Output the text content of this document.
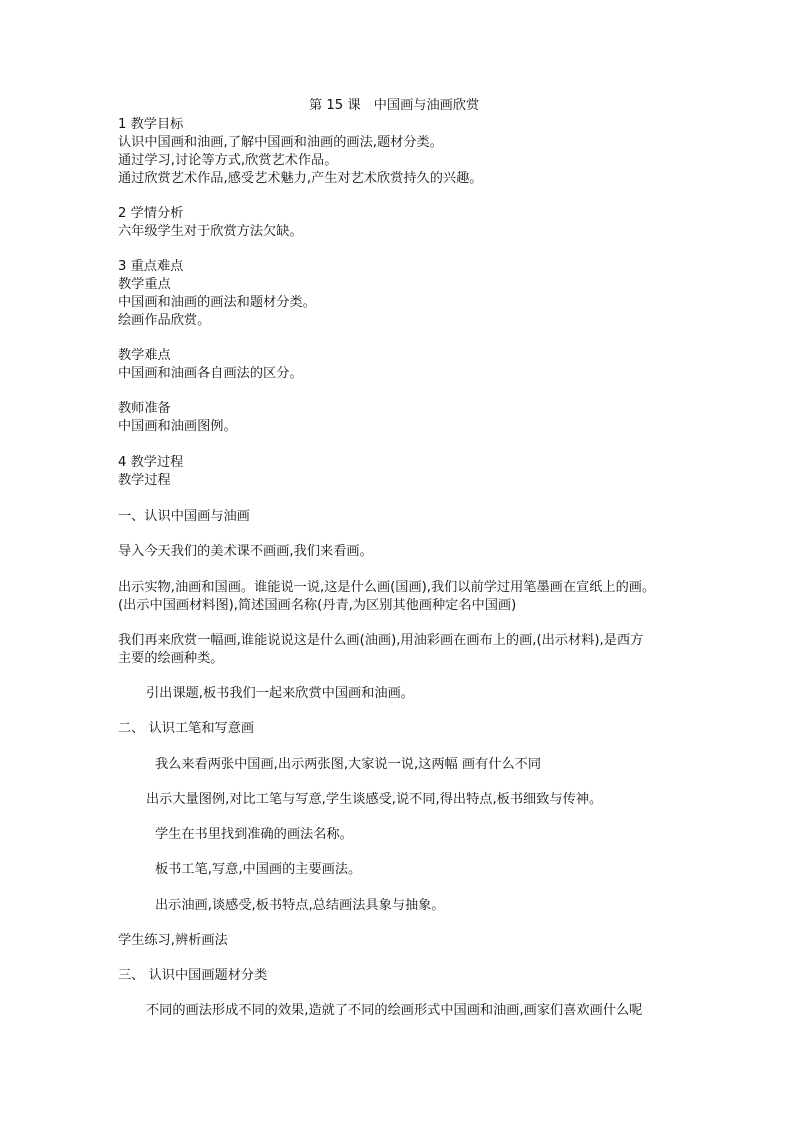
第 15 课　中国画与油画欣赏
1 教学目标
认识中国画和油画,了解中国画和油画的画法,题材分类。
通过学习,讨论等方式,欣赏艺术作品。
通过欣赏艺术作品,感受艺术魅力,产生对艺术欣赏持久的兴趣。
2 学情分析
六年级学生对于欣赏方法欠缺。
3 重点难点
教学重点
中国画和油画的画法和题材分类。
绘画作品欣赏。
教学难点
中国画和油画各自画法的区分。
教师准备
中国画和油画图例。
4 教学过程
教学过程
一、认识中国画与油画
导入今天我们的美术课不画画,我们来看画。
出示实物,油画和国画。谁能说一说,这是什么画(国画),我们以前学过用笔墨画在宣纸上的画。
(出示中国画材料图),简述国画名称(丹青,为区别其他画种定名中国画)
我们再来欣赏一幅画,谁能说说这是什么画(油画),用油彩画在画布上的画,(出示材料),是西方
主要的绘画种类。
引出课题,板书我们一起来欣赏中国画和油画。
二、 认识工笔和写意画
我么来看两张中国画,出示两张图,大家说一说,这两幅 画有什么不同
出示大量图例,对比工笔与写意,学生谈感受,说不同,得出特点,板书细致与传神。
学生在书里找到准确的画法名称。
板书工笔,写意,中国画的主要画法。
出示油画,谈感受,板书特点,总结画法具象与抽象。
学生练习,辨析画法
三、 认识中国画题材分类
不同的画法形成不同的效果,造就了不同的绘画形式中国画和油画,画家们喜欢画什么呢
